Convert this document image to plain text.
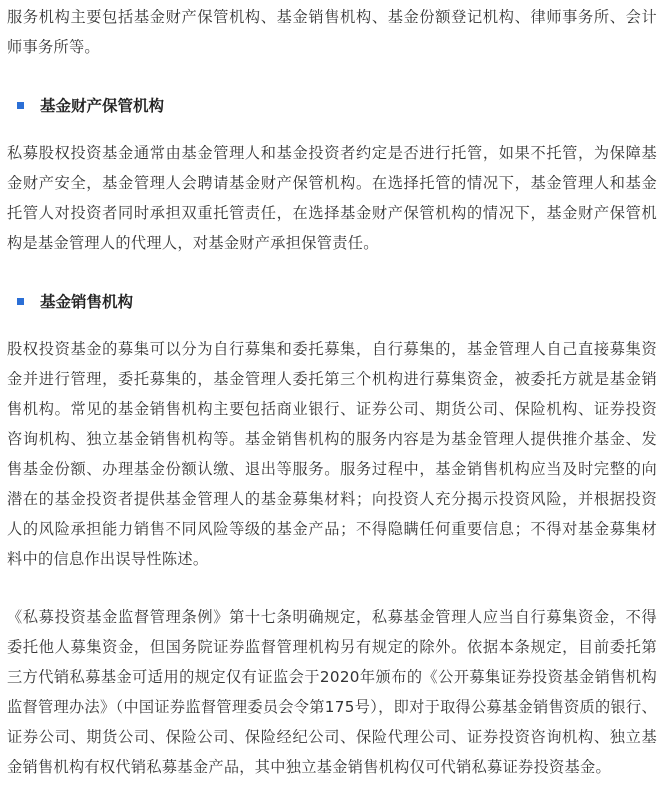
服务机构主要包括基金财产保管机构、基金销售机构、基金份额登记机构、律师事务所、会计师事务所等。

基金财产保管机构

私募股权投资基金通常由基金管理人和基金投资者约定是否进行托管，如果不托管，为保障基金财产安全，基金管理人会聘请基金财产保管机构。在选择托管的情况下，基金管理人和基金托管人对投资者同时承担双重托管责任，在选择基金财产保管机构的情况下，基金财产保管机构是基金管理人的代理人，对基金财产承担保管责任。

基金销售机构

股权投资基金的募集可以分为自行募集和委托募集，自行募集的，基金管理人自己直接募集资金并进行管理，委托募集的，基金管理人委托第三个机构进行募集资金，被委托方就是基金销售机构。常见的基金销售机构主要包括商业银行、证券公司、期货公司、保险机构、证券投资咨询机构、独立基金销售机构等。基金销售机构的服务内容是为基金管理人提供推介基金、发售基金份额、办理基金份额认缴、退出等服务。服务过程中，基金销售机构应当及时完整的向潜在的基金投资者提供基金管理人的基金募集材料；向投资人充分揭示投资风险，并根据投资人的风险承担能力销售不同风险等级的基金产品；不得隐瞒任何重要信息；不得对基金募集材料中的信息作出误导性陈述。

《私募投资基金监督管理条例》第十七条明确规定，私募基金管理人应当自行募集资金，不得委托他人募集资金，但国务院证券监督管理机构另有规定的除外。依据本条规定，目前委托第三方代销私募基金可适用的规定仅有证监会于2020年颁布的《公开募集证券投资基金销售机构监督管理办法》（中国证券监督管理委员会令第175号），即对于取得公募基金销售资质的银行、证券公司、期货公司、保险公司、保险经纪公司、保险代理公司、证券投资咨询机构、独立基金销售机构有权代销私募基金产品，其中独立基金销售机构仅可代销私募证券投资基金。
